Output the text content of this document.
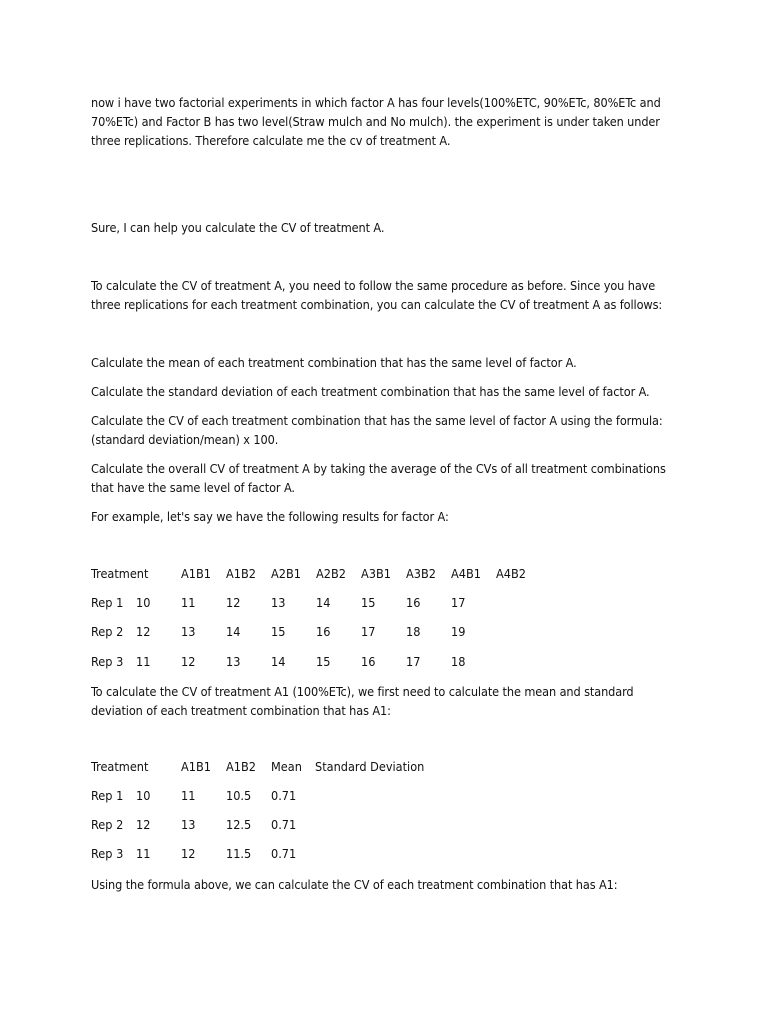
now i have two factorial experiments in which factor A has four levels(100%ETC, 90%ETc, 80%ETc and
70%ETc) and Factor B has two level(Straw mulch and No mulch). the experiment is under taken under
three replications. Therefore calculate me the cv of treatment A.
Sure, I can help you calculate the CV of treatment A.
To calculate the CV of treatment A, you need to follow the same procedure as before. Since you have
three replications for each treatment combination, you can calculate the CV of treatment A as follows:
Calculate the mean of each treatment combination that has the same level of factor A.
Calculate the standard deviation of each treatment combination that has the same level of factor A.
Calculate the CV of each treatment combination that has the same level of factor A using the formula:
(standard deviation/mean) x 100.
Calculate the overall CV of treatment A by taking the average of the CVs of all treatment combinations
that have the same level of factor A.
For example, let's say we have the following results for factor A:
Treatment	A1B1 A1B2 A2B1 A2B2 A3B1 A3B2 A4B1 A4B2
Rep 1 10 11 12 13 14 15 16 17
Rep 2 12 13 14 15 16 17 18 19
Rep 3 11 12 13 14 15 16 17 18
To calculate the CV of treatment A1 (100%ETc), we first need to calculate the mean and standard
deviation of each treatment combination that has A1:
Treatment	A1B1 A1B2 Mean Standard Deviation
Rep 1 10 11 10.5 0.71
Rep 2 12 13 12.5 0.71
Rep 3 11 12 11.5 0.71
Using the formula above, we can calculate the CV of each treatment combination that has A1:
